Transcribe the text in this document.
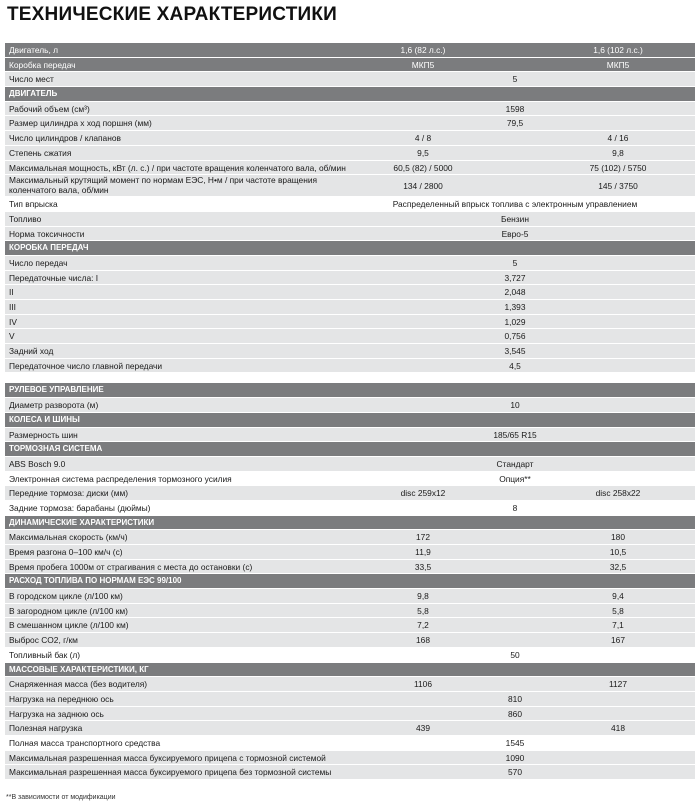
ТЕХНИЧЕСКИЕ ХАРАКТЕРИСТИКИ
Двигатель, л	1,6 (82 л.с.)	1,6 (102 л.с.)
Коробка передач	МКП5	МКП5
Число мест	5
ДВИГАТЕЛЬ
Рабочий объем (см³)	1598
Размер цилиндра х ход поршня (мм)	79,5
Число цилиндров / клапанов	4 / 8	4 / 16
Степень сжатия	9,5	9,8
Максимальная мощность, кВт (л. с.) / при частоте вращения коленчатого вала, об/мин	60,5 (82) / 5000	75 (102) / 5750
Максимальный крутящий момент по нормам ЕЭС, Н•м / при частоте вращения коленчатого вала, об/мин	134 / 2800	145 / 3750
Тип впрыска	Распределенный впрыск топлива с электронным управлением
Топливо	Бензин
Норма токсичности	Евро-5
КОРОБКА ПЕРЕДАЧ
Число передач	5
Передаточные числа: I	3,727
II	2,048
III	1,393
IV	1,029
V	0,756
Задний ход	3,545
Передаточное число главной передачи	4,5
РУЛЕВОЕ УПРАВЛЕНИЕ
Диаметр разворота (м)	10
КОЛЕСА И ШИНЫ
Размерность шин	185/65 R15
ТОРМОЗНАЯ СИСТЕМА
ABS Bosch 9.0	Стандарт
Электронная система распределения тормозного усилия	Опция**
Передние тормоза: диски (мм)	disc 259x12	disc 258x22
Задние тормоза: барабаны (дюймы)	8
ДИНАМИЧЕСКИЕ ХАРАКТЕРИСТИКИ
Максимальная скорость (км/ч)	172	180
Время разгона 0–100 км/ч (с)	11,9	10,5
Время пробега 1000м от страгивания с места до остановки (с)	33,5	32,5
РАСХОД ТОПЛИВА ПО НОРМАМ ЕЭС 99/100
В городском цикле (л/100 км)	9,8	9,4
В загородном цикле (л/100 км)	5,8	5,8
В смешанном цикле (л/100 км)	7,2	7,1
Выброс CO2, г/км	168	167
Топливный бак (л)	50
МАССОВЫЕ ХАРАКТЕРИСТИКИ, КГ
Снаряженная масса (без водителя)	1106	1127
Нагрузка на переднюю ось	810
Нагрузка на заднюю ось	860
Полезная нагрузка	439	418
Полная масса транспортного средства	1545
Максимальная разрешенная масса буксируемого прицепа с тормозной системой	1090
Максимальная разрешенная масса буксируемого прицепа без тормозной системы	570
**В зависимости от модификации
